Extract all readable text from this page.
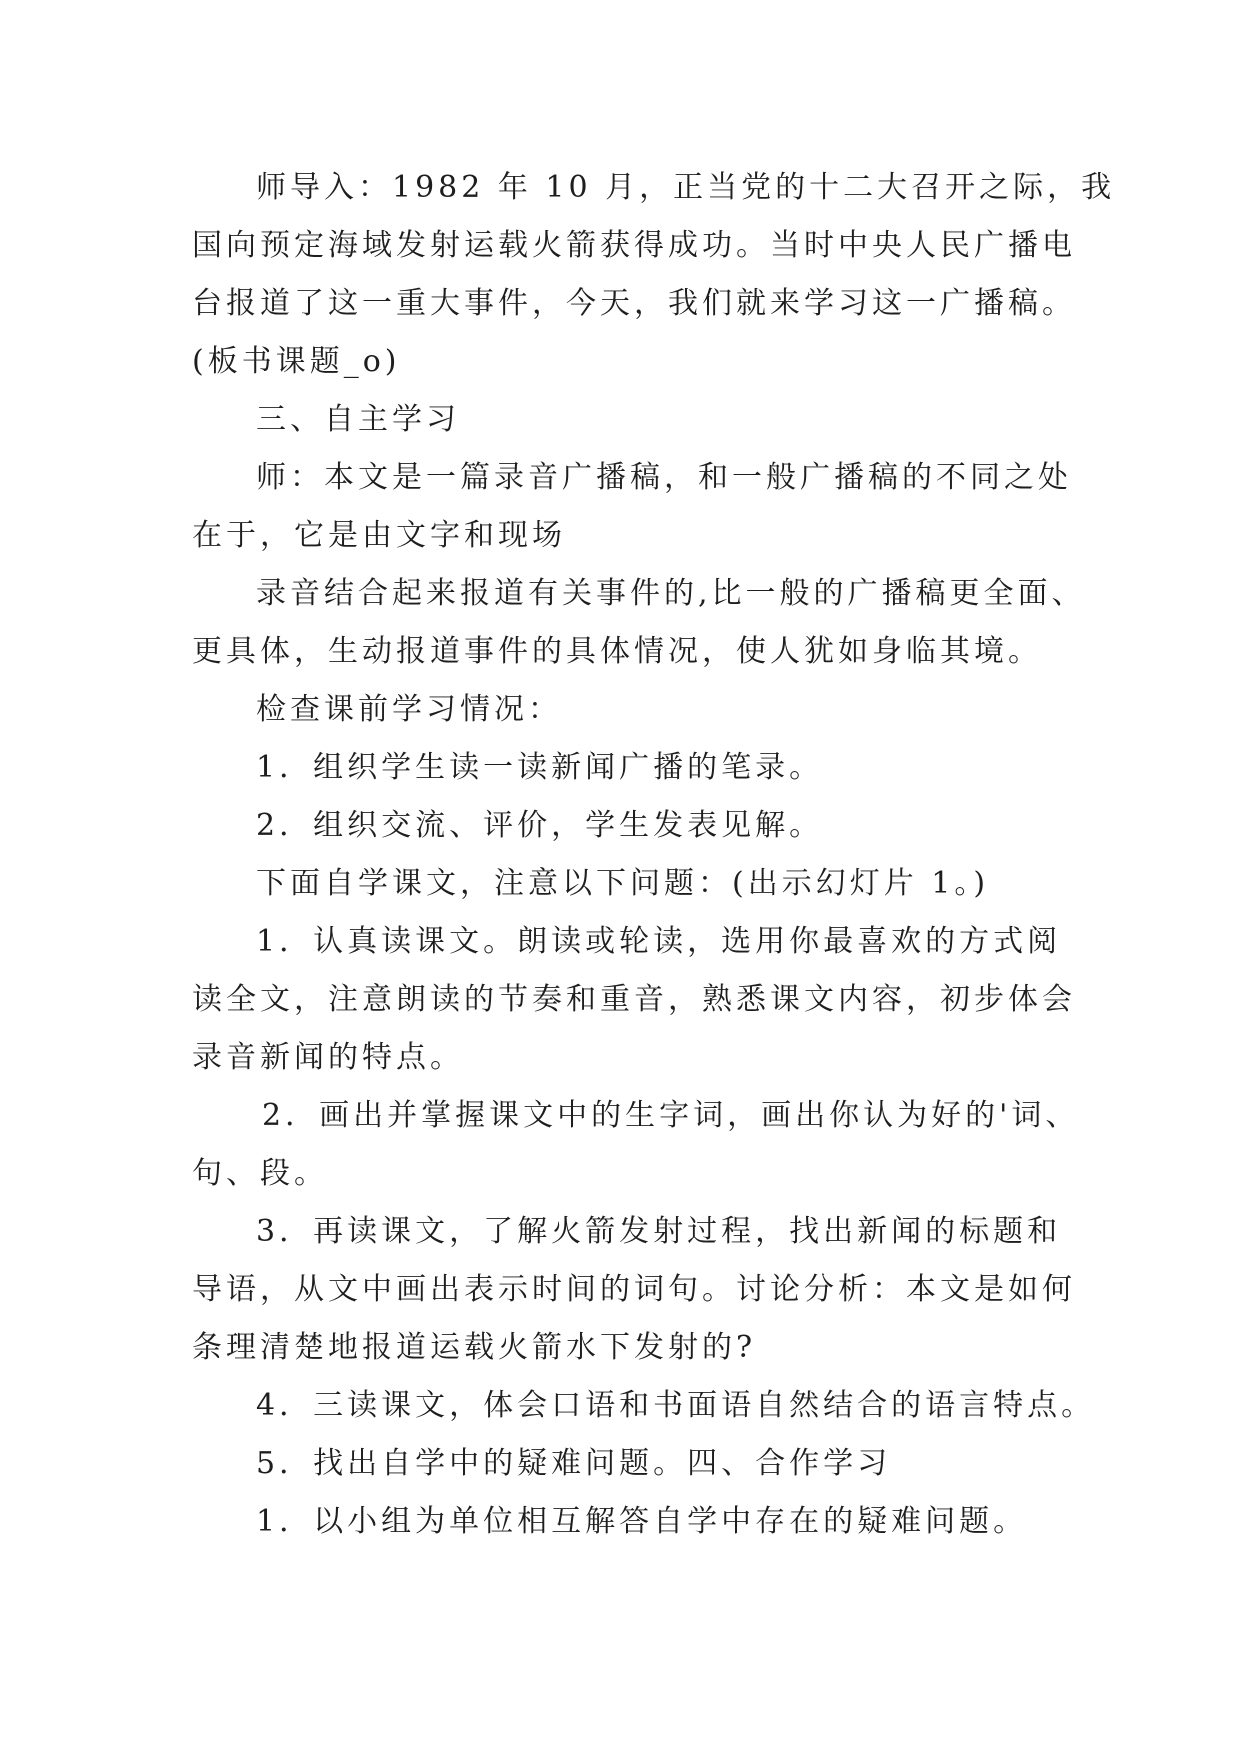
师导入：1982 年 10 月，正当党的十二大召开之际，我
国向预定海域发射运载火箭获得成功。当时中央人民广播电
台报道了这一重大事件，今天，我们就来学习这一广播稿。
(板书课题_o)
三、自主学习
师：本文是一篇录音广播稿，和一般广播稿的不同之处
在于，它是由文字和现场
录音结合起来报道有关事件的,比一般的广播稿更全面、
更具体，生动报道事件的具体情况，使人犹如身临其境。
检查课前学习情况：
1．组织学生读一读新闻广播的笔录。
2．组织交流、评价，学生发表见解。
下面自学课文，注意以下问题：(出示幻灯片 1。)
1．认真读课文。朗读或轮读，选用你最喜欢的方式阅
读全文，注意朗读的节奏和重音，熟悉课文内容，初步体会
录音新闻的特点。
2．画出并掌握课文中的生字词，画出你认为好的'词、
句、段。
3．再读课文，了解火箭发射过程，找出新闻的标题和
导语，从文中画出表示时间的词句。讨论分析：本文是如何
条理清楚地报道运载火箭水下发射的?
4．三读课文，体会口语和书面语自然结合的语言特点。
5．找出自学中的疑难问题。四、合作学习
1．以小组为单位相互解答自学中存在的疑难问题。
